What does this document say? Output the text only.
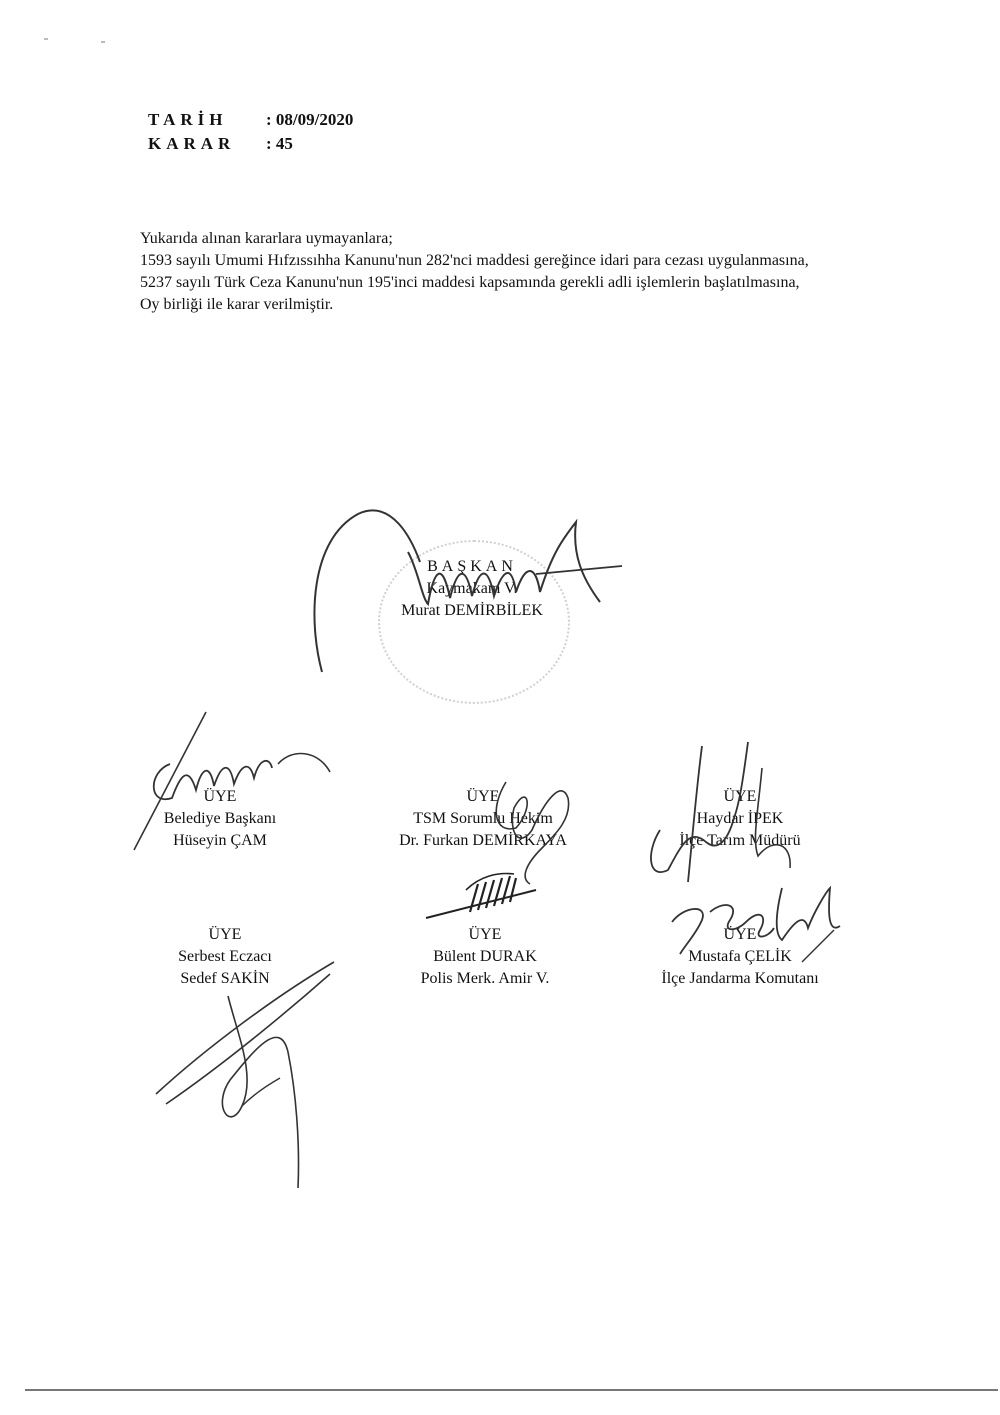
TARİH : 08/09/2020
KARAR : 45

Yukarıda alınan kararlara uymayanlara;

1593 sayılı Umumi Hıfzıssıhha Kanunu'nun 282'nci maddesi gereğince idari para cezası uygulanmasına,

5237 sayılı Türk Ceza Kanunu'nun 195'inci maddesi kapsamında gerekli adli işlemlerin başlatılmasına,

Oy birliği ile karar verilmiştir.

BAŞKAN
Kaymakam V.
Murat DEMİRBİLEK
ÜYE
Belediye Başkanı
Hüseyin ÇAM
ÜYE
TSM Sorumlu Hekim
Dr. Furkan DEMİRKAYA
ÜYE
Haydar İPEK
İlçe Tarım Müdürü
ÜYE
Serbest Eczacı
Sedef SAKİN
ÜYE
Bülent DURAK
Polis Merk. Amir V.
ÜYE
Mustafa ÇELİK
İlçe Jandarma Komutanı
